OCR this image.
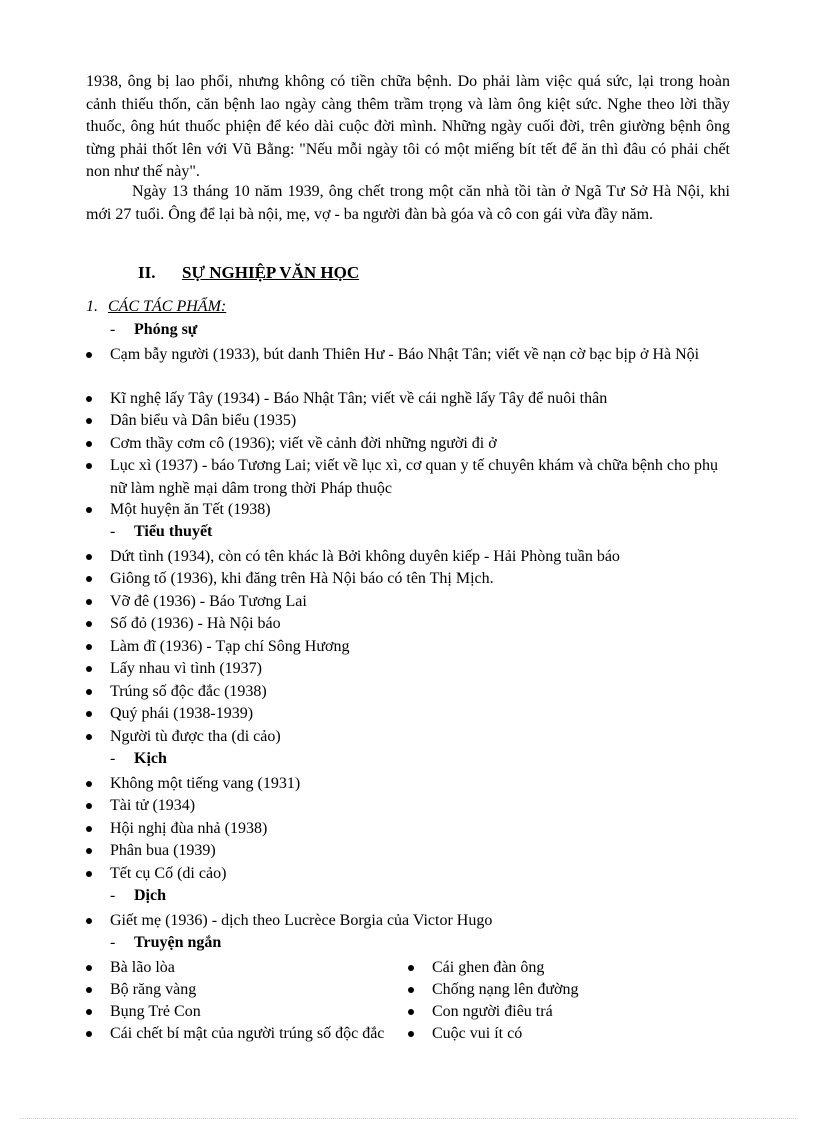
1938, ông bị lao phổi, nhưng không có tiền chữa bệnh. Do phải làm việc quá sức, lại trong hoàn cảnh thiếu thốn, căn bệnh lao ngày càng thêm trầm trọng và làm ông kiệt sức. Nghe theo lời thầy thuốc, ông hút thuốc phiện để kéo dài cuộc đời mình. Những ngày cuối đời, trên giường bệnh ông từng phải thốt lên với Vũ Bằng: "Nếu mỗi ngày tôi có một miếng bít tết để ăn thì đâu có phải chết non như thế này".

Ngày 13 tháng 10 năm 1939, ông chết trong một căn nhà tồi tàn ở Ngã Tư Sở Hà Nội, khi mới 27 tuổi. Ông để lại bà nội, mẹ, vợ - ba người đàn bà góa và cô con gái vừa đầy năm.

II. SỰ NGHIỆP VĂN HỌC
1. CÁC TÁC PHẨM:
- Phóng sự
Cạm bẫy người (1933), bút danh Thiên Hư - Báo Nhật Tân; viết về nạn cờ bạc bịp ở Hà Nội
Kĩ nghệ lấy Tây (1934) - Báo Nhật Tân; viết về cái nghề lấy Tây để nuôi thân
Dân biểu và Dân biểu (1935)
Cơm thầy cơm cô (1936); viết về cảnh đời những người đi ở
Lục xì (1937) - báo Tương Lai; viết về lục xì, cơ quan y tế chuyên khám và chữa bệnh cho phụ nữ làm nghề mại dâm trong thời Pháp thuộc
Một huyện ăn Tết (1938)
- Tiểu thuyết
Dứt tình (1934), còn có tên khác là Bởi không duyên kiếp - Hải Phòng tuần báo
Giông tố (1936), khi đăng trên Hà Nội báo có tên Thị Mịch.
Vỡ đê (1936) - Báo Tương Lai
Số đỏ (1936) - Hà Nội báo
Làm đĩ (1936) - Tạp chí Sông Hương
Lấy nhau vì tình (1937)
Trúng số độc đắc (1938)
Quý phái (1938-1939)
Người tù được tha (di cảo)
- Kịch
Không một tiếng vang (1931)
Tài tử (1934)
Hội nghị đùa nhả (1938)
Phân bua (1939)
Tết cụ Cố (di cảo)
- Dịch
Giết mẹ (1936) - dịch theo Lucrèce Borgia của Victor Hugo
- Truyện ngắn
Bà lão lòa
Bộ răng vàng
Bụng Trẻ Con
Cái chết bí mật của người trúng số độc đắc
Cái ghen đàn ông
Chống nạng lên đường
Con người điêu trá
Cuộc vui ít có
